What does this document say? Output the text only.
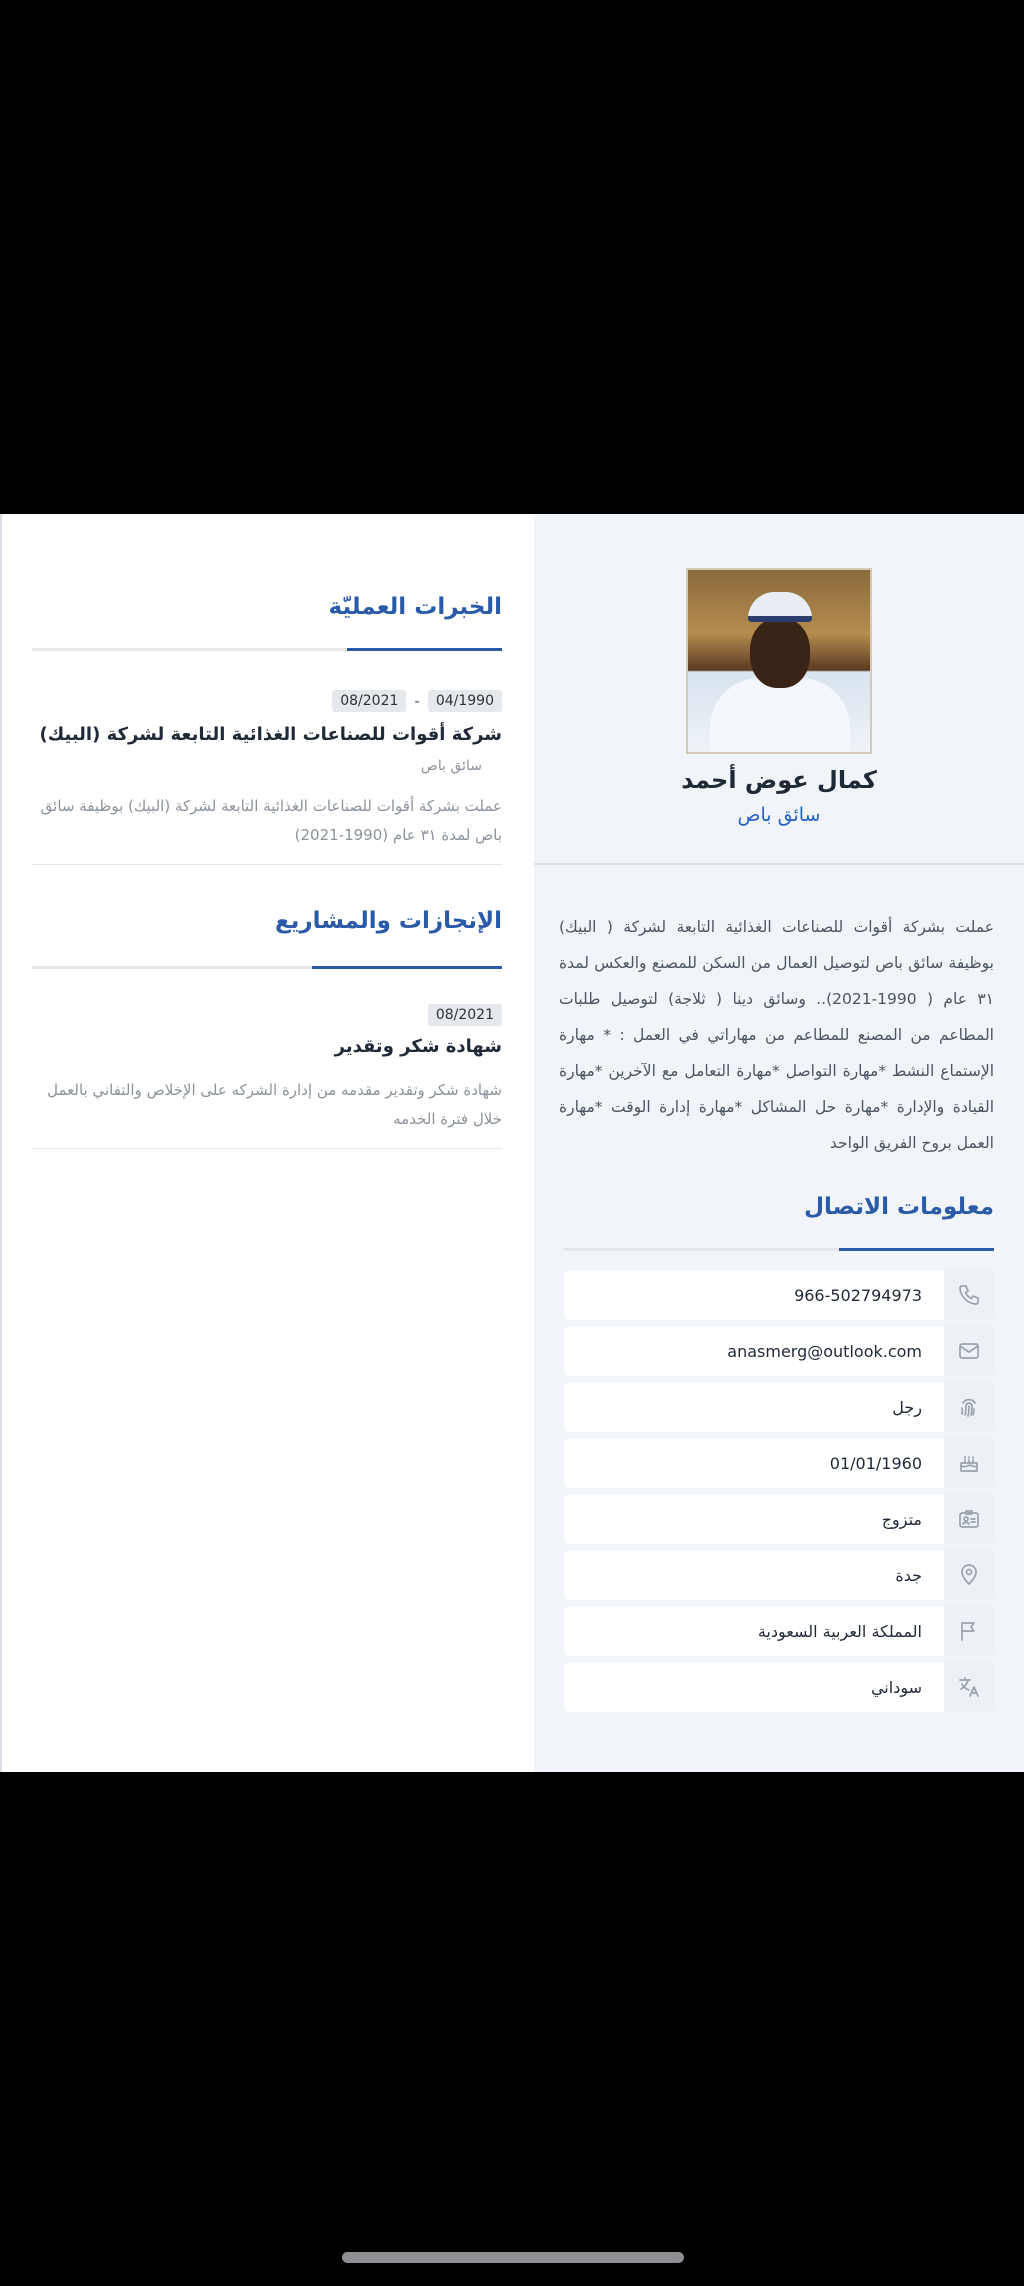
كمال عوض أحمد
سائق باص

عملت بشركة أقوات للصناعات الغذائية التابعة لشركة ( البيك) بوظيفة سائق باص لتوصيل العمال من السكن للمصنع والعكس لمدة ٣١ عام ( 1990-2021).. وسائق دينا ( ثلاجة) لتوصيل طلبات المطاعم من المصنع للمطاعم من مهاراتي في العمل : * مهارة الإستماع النشط *مهارة التواصل *مهارة التعامل مع الآخرين *مهارة القيادة والإدارة *مهارة حل المشاكل *مهارة إدارة الوقت *مهارة العمل بروح الفريق الواحد

معلومات الاتصال
966-502794973
anasmerg@outlook.com
رجل
01/01/1960
متزوج
جدة
المملكة العربية السعودية
سوداني
الخبرات العمليّة
04/1990
-
08/2021
شركة أقوات للصناعات الغذائية التابعة لشركة (البيك)
سائق باص
عملت بشركة أقوات للصناعات الغذائية التابعة لشركة (البيك) بوظيفة سائق باص لمدة ٣١ عام (1990-2021)
الإنجازات والمشاريع
08/2021
شهادة شكر وتقدير
شهادة شكر وتقدير مقدمه من إدارة الشركه على الإخلاص والتفاني بالعمل خلال فترة الخدمه
